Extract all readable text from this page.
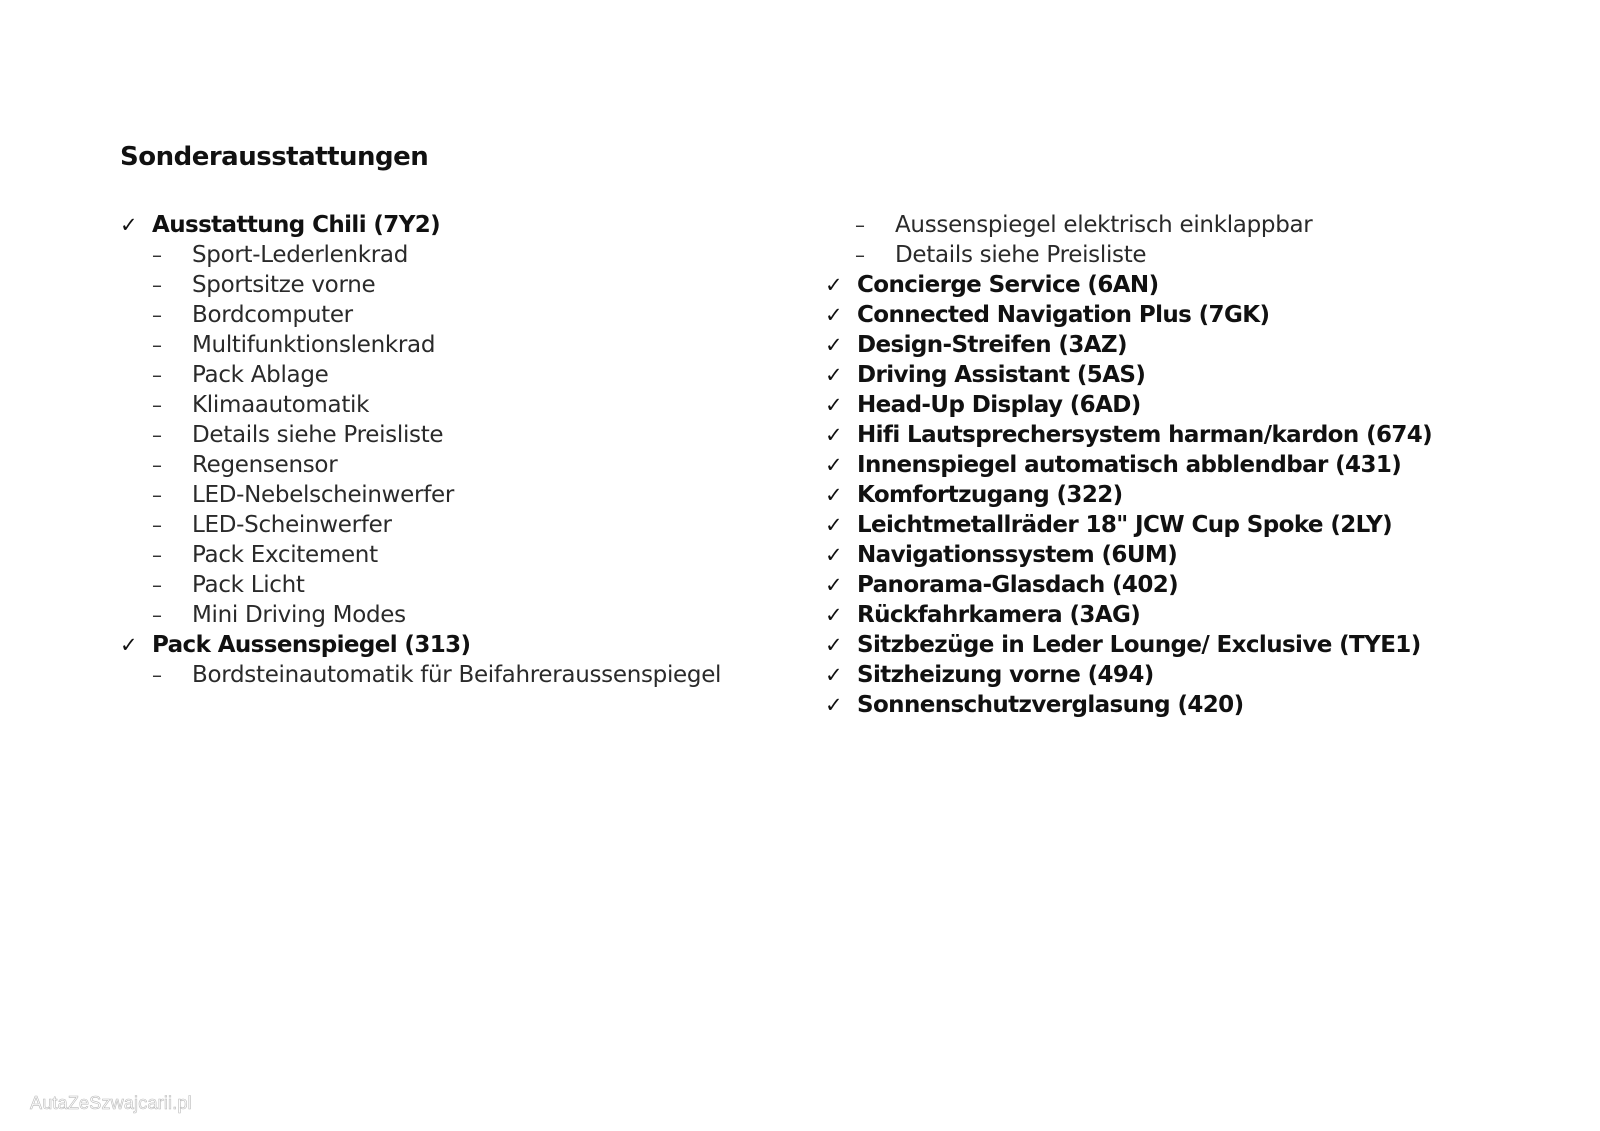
Sonderausstattungen
✓ Ausstattung Chili (7Y2)
–	Sport-Lederlenkrad
–	Sportsitze vorne
–	Bordcomputer
–	Multifunktionslenkrad
–	Pack Ablage
–	Klimaautomatik
–	Details siehe Preisliste
–	Regensensor
–	LED-Nebelscheinwerfer
–	LED-Scheinwerfer
–	Pack Excitement
–	Pack Licht
–	Mini Driving Modes
✓ Pack Aussenspiegel (313)
–	Bordsteinautomatik für Beifahreraussenspiegel
–	Aussenspiegel elektrisch einklappbar
–	Details siehe Preisliste
✓ Concierge Service (6AN)
✓ Connected Navigation Plus (7GK)
✓ Design-Streifen (3AZ)
✓ Driving Assistant (5AS)
✓ Head-Up Display (6AD)
✓ Hifi Lautsprechersystem harman/kardon (674)
✓ Innenspiegel automatisch abblendbar (431)
✓ Komfortzugang (322)
✓ Leichtmetallräder 18" JCW Cup Spoke (2LY)
✓ Navigationssystem (6UM)
✓ Panorama-Glasdach (402)
✓ Rückfahrkamera (3AG)
✓ Sitzbezüge in Leder Lounge/ Exclusive (TYE1)
✓ Sitzheizung vorne (494)
✓ Sonnenschutzverglasung (420)
AutaZeSzwajcarii.pl
